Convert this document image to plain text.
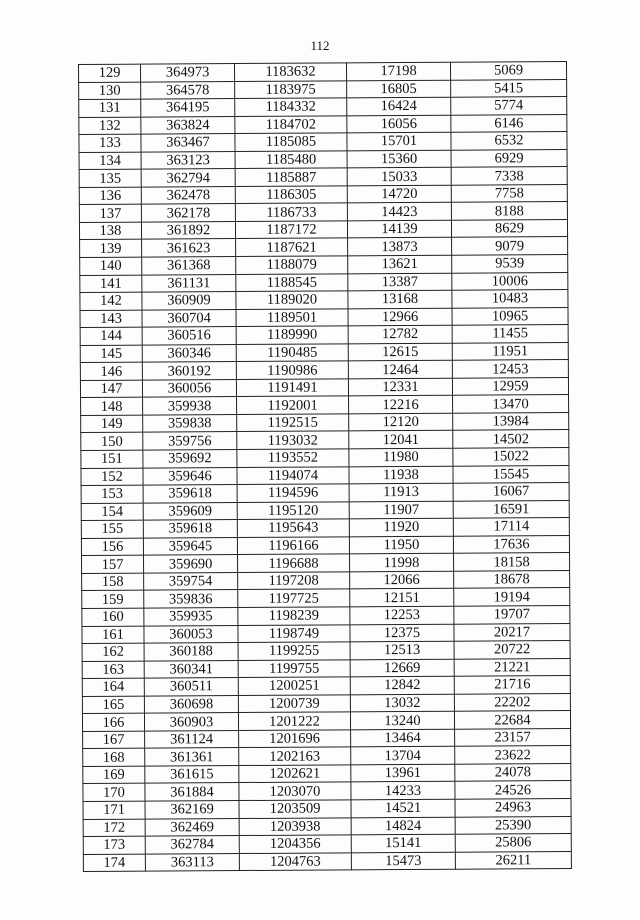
112
129	364973	1183632	17198	5069
130	364578	1183975	16805	5415
131	364195	1184332	16424	5774
132	363824	1184702	16056	6146
133	363467	1185085	15701	6532
134	363123	1185480	15360	6929
135	362794	1185887	15033	7338
136	362478	1186305	14720	7758
137	362178	1186733	14423	8188
138	361892	1187172	14139	8629
139	361623	1187621	13873	9079
140	361368	1188079	13621	9539
141	361131	1188545	13387	10006
142	360909	1189020	13168	10483
143	360704	1189501	12966	10965
144	360516	1189990	12782	11455
145	360346	1190485	12615	11951
146	360192	1190986	12464	12453
147	360056	1191491	12331	12959
148	359938	1192001	12216	13470
149	359838	1192515	12120	13984
150	359756	1193032	12041	14502
151	359692	1193552	11980	15022
152	359646	1194074	11938	15545
153	359618	1194596	11913	16067
154	359609	1195120	11907	16591
155	359618	1195643	11920	17114
156	359645	1196166	11950	17636
157	359690	1196688	11998	18158
158	359754	1197208	12066	18678
159	359836	1197725	12151	19194
160	359935	1198239	12253	19707
161	360053	1198749	12375	20217
162	360188	1199255	12513	20722
163	360341	1199755	12669	21221
164	360511	1200251	12842	21716
165	360698	1200739	13032	22202
166	360903	1201222	13240	22684
167	361124	1201696	13464	23157
168	361361	1202163	13704	23622
169	361615	1202621	13961	24078
170	361884	1203070	14233	24526
171	362169	1203509	14521	24963
172	362469	1203938	14824	25390
173	362784	1204356	15141	25806
174	363113	1204763	15473	26211
